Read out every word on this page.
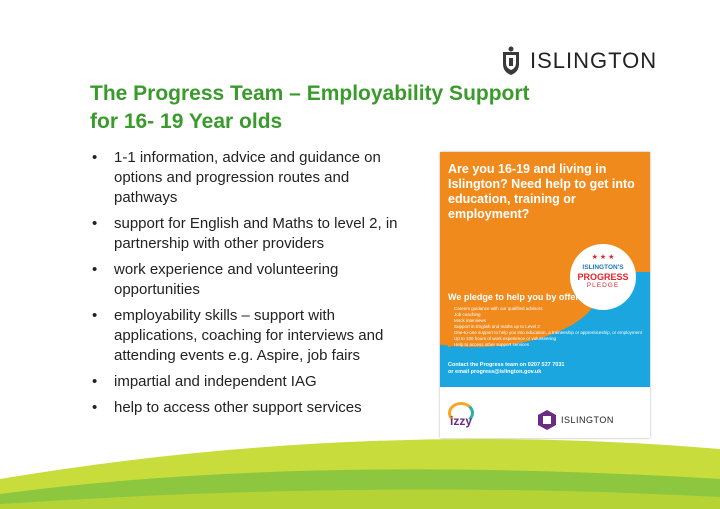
ISLINGTON
The Progress Team – Employability Support
for 16- 19 Year olds
• 1-1 information, advice and guidance on options and progression routes and pathways
• support for English and Maths to level 2, in partnership with other providers
• work experience and volunteering opportunities
• employability skills – support with applications, coaching for interviews and attending events e.g. Aspire, job fairs
• impartial and independent IAG
• help to access other support services

Are you 16-19 and living in Islington? Need help to get into education, training or employment?

★ ★ ★
ISLINGTON'S
PROGRESS
PLEDGE

We pledge to help you by offering...

Careers guidance with our qualified advisors
Job coaching
Mock interviews
Support in English and maths up to Level 2
One-to-one support to help you into education, a traineeship or apprenticeship, or employment
Up to 100 hours of work experience or volunteering
Help to access other support services

Contact the Progress team on 0207 527 7031
or email progress@islington.gov.uk

izzy	ISLINGTON
